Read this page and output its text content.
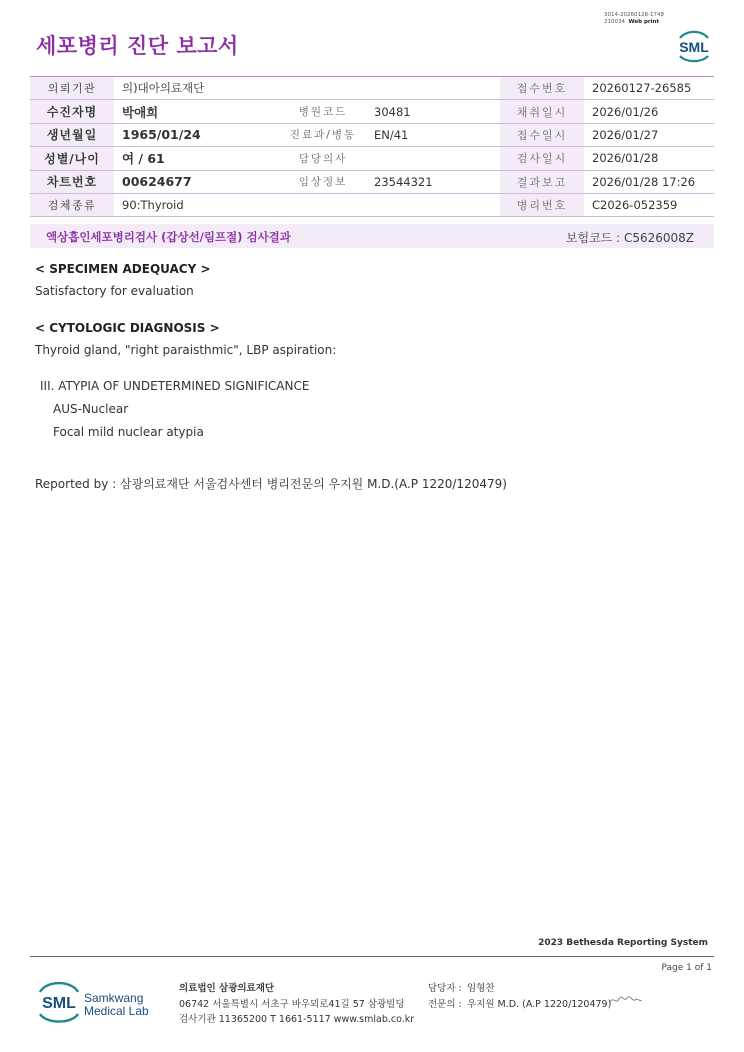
세포병리 진단 보고서
3014-20260128-1748
210034 Web print
SML
의뢰기관	의)대아의료재단			접수번호	20260127-26585
수진자명	박애희	병원코드	30481	채취일시	2026/01/26
생년월일	1965/01/24	진료과/병동	EN/41	접수일시	2026/01/27
성별/나이	여 / 61	담당의사		검사일시	2026/01/28
차트번호	00624677	임상정보	23544321	결과보고	2026/01/28 17:26
검체종류	90:Thyroid			병리번호	C2026-052359
액상흡인세포병리검사 (갑상선/림프절) 검사결과	보험코드 : C5626008Z
< SPECIMEN ADEQUACY >
Satisfactory for evaluation
< CYTOLOGIC DIAGNOSIS >
Thyroid gland, "right paraisthmic", LBP aspiration:
III. ATYPIA OF UNDETERMINED SIGNIFICANCE
AUS-Nuclear
Focal mild nuclear atypia
Reported by : 삼광의료재단 서울검사센터 병리전문의 우지원 M.D.(A.P 1220/120479)
2023 Bethesda Reporting System
Page 1 of 1
SML Samkwang
Medical Lab
의료법인 삼광의료재단
06742 서울특별시 서초구 바우뫼로41길 57 삼광빌딩
검사기관 11365200 T 1661-5117 www.smlab.co.kr
담당자 : 임형찬
전문의 : 우지원 M.D. (A.P 1220/120479)
